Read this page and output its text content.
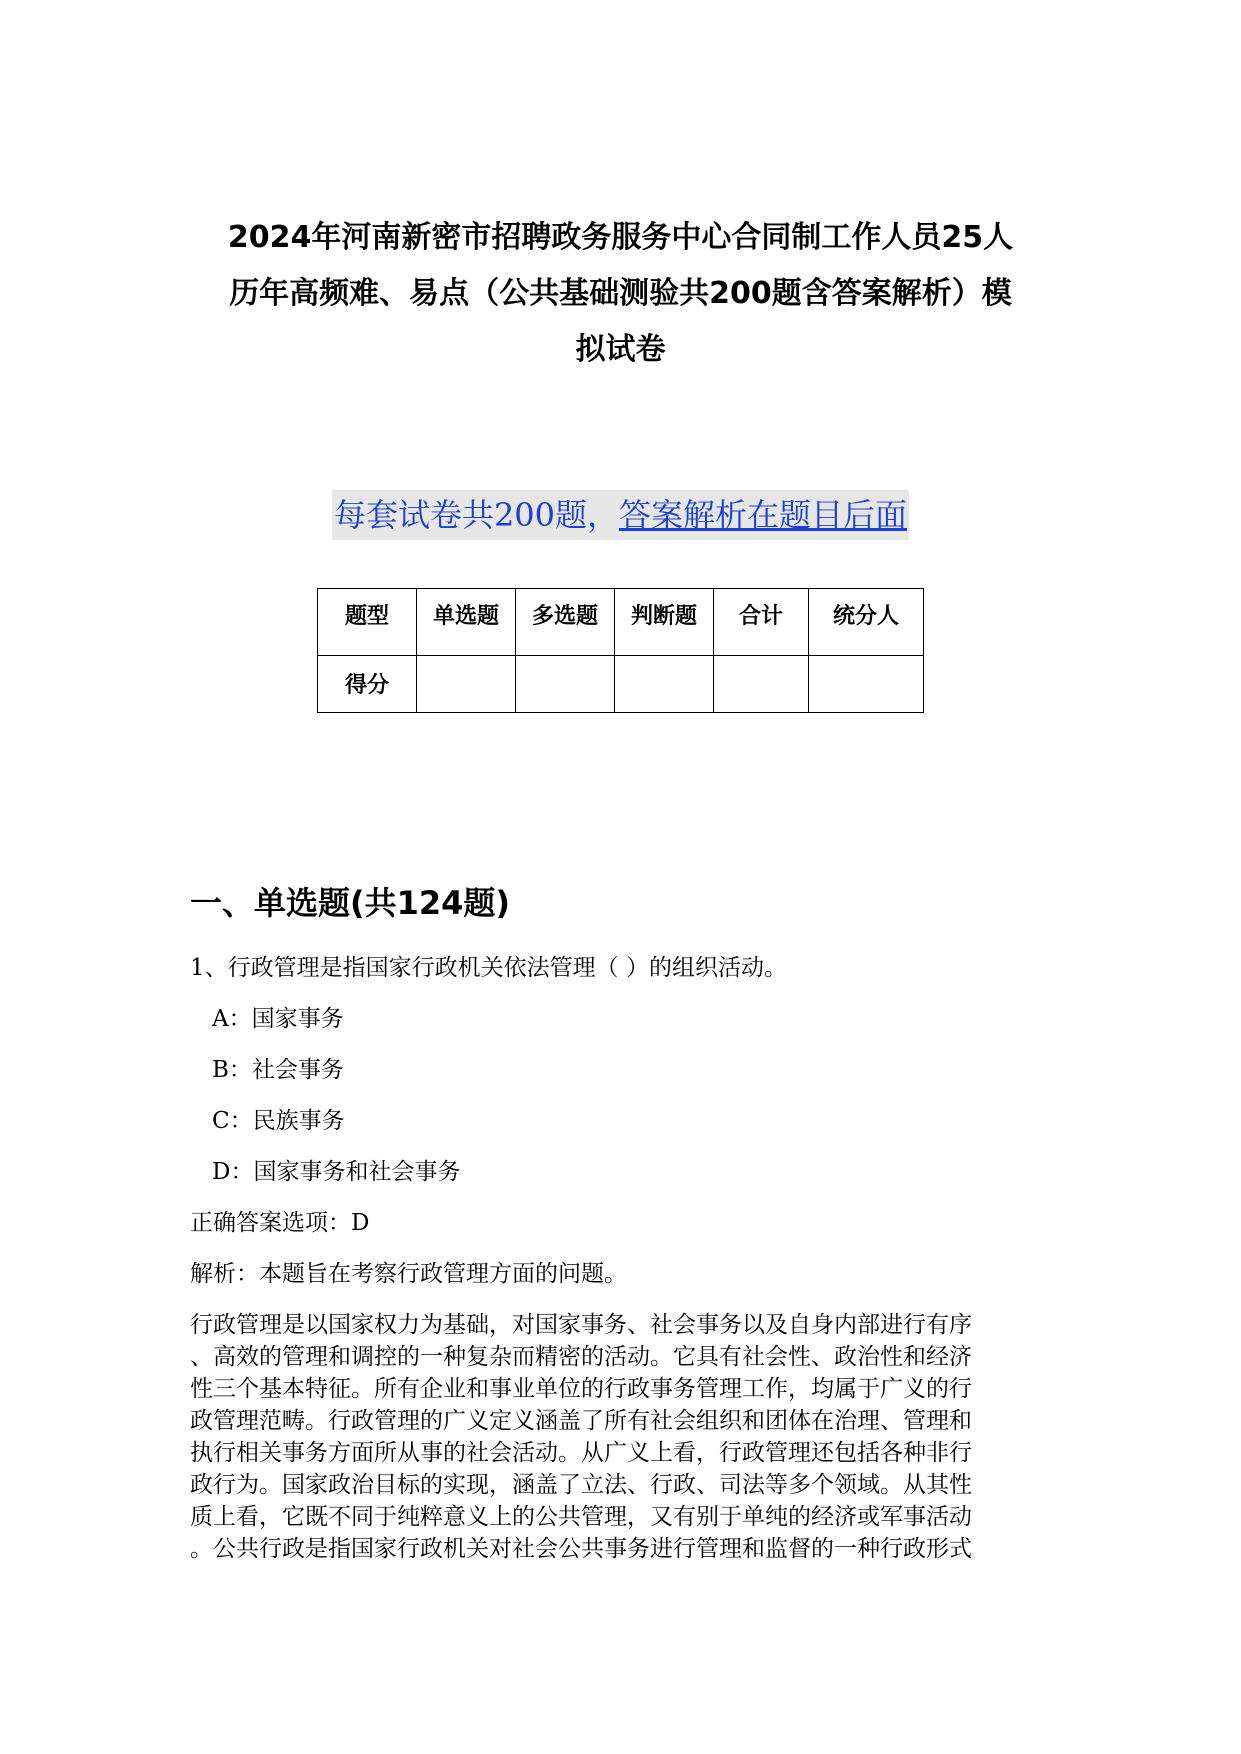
2024年河南新密市招聘政务服务中心合同制工作人员25人
历年高频难、易点（公共基础测验共200题含答案解析）模
拟试卷
每套试卷共200题，答案解析在题目后面
题型	单选题	多选题	判断题	合计	统分人
得分					
一、单选题(共124题)
1、行政管理是指国家行政机关依法管理（ ）的组织活动。
A：国家事务
B：社会事务
C：民族事务
D：国家事务和社会事务
正确答案选项：D
解析：本题旨在考察行政管理方面的问题。

行政管理是以国家权力为基础，对国家事务、社会事务以及自身内部进行有序
、高效的管理和调控的一种复杂而精密的活动。它具有社会性、政治性和经济
性三个基本特征。所有企业和事业单位的行政事务管理工作，均属于广义的行
政管理范畴。行政管理的广义定义涵盖了所有社会组织和团体在治理、管理和
执行相关事务方面所从事的社会活动。从广义上看，行政管理还包括各种非行
政行为。国家政治目标的实现，涵盖了立法、行政、司法等多个领域。从其性
质上看，它既不同于纯粹意义上的公共管理，又有别于单纯的经济或军事活动
。公共行政是指国家行政机关对社会公共事务进行管理和监督的一种行政形式
